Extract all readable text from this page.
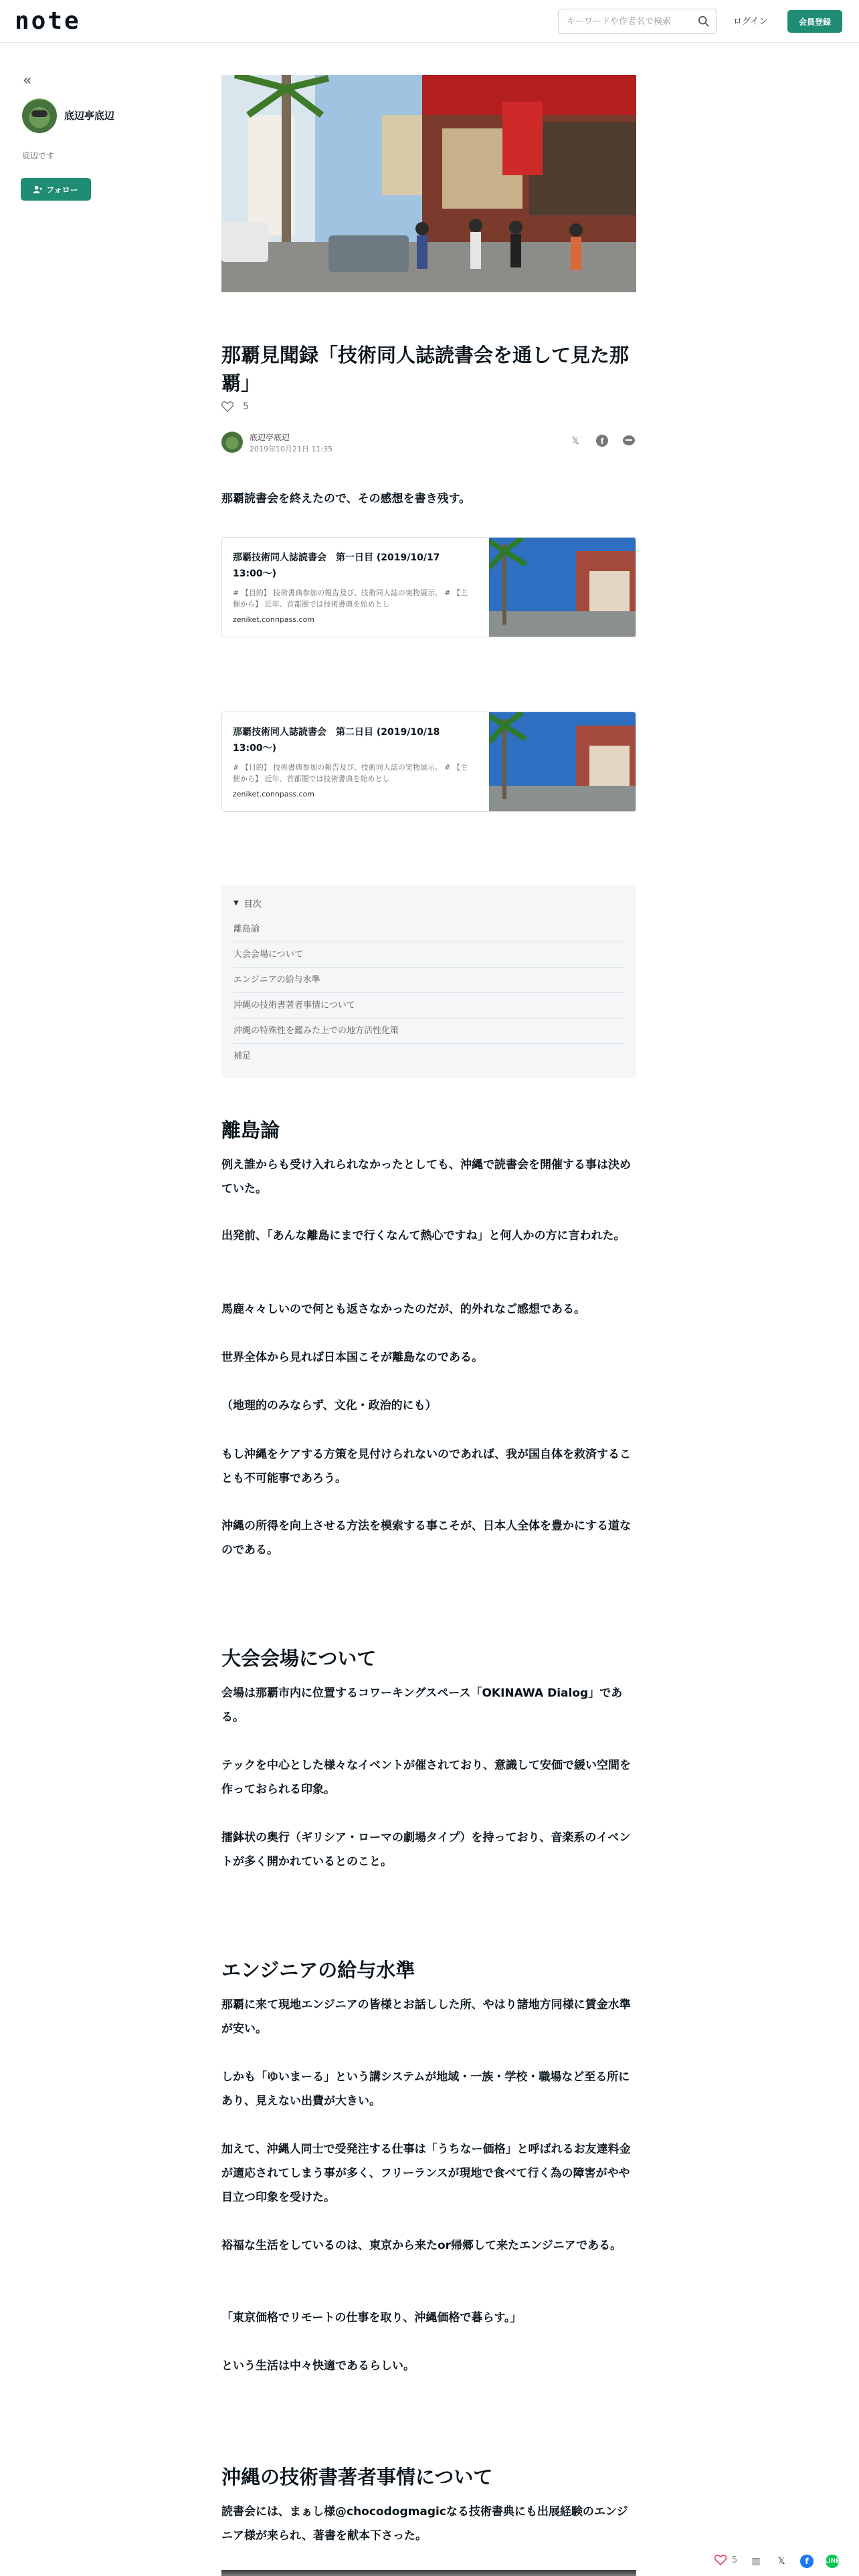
note
キーワードや作者名で検索	ログイン	会員登録
«
底辺亭底辺
底辺です
フォロー
那覇見聞録「技術同人誌読書会を通して見た那覇」
5
底辺亭底辺
2019年10月21日 11:35
𝕏 f

那覇読書会を終えたので、その感想を書き残す。

那覇技術同人誌読書会　第一日目 (2019/10/17 13:00〜)
# 【目的】 技術書典参加の報告及び、技術同人誌の実物展示。 # 【主催から】 近年、首都圏では技術書典を始めとし
zeniket.connpass.com
那覇技術同人誌読書会　第二日目 (2019/10/18 13:00〜)
# 【目的】 技術書典参加の報告及び、技術同人誌の実物展示。 # 【主催から】 近年、首都圏では技術書典を始めとし
zeniket.connpass.com
▼ 目次
離島論
大会会場について
エンジニアの給与水準
沖縄の技術書著者事情について
沖縄の特殊性を鑑みた上での地方活性化策
補足
離島論

例え誰からも受け入れられなかったとしても、沖縄で読書会を開催する事は決めていた。

出発前、「あんな離島にまで行くなんて熱心ですね」と何人かの方に言われた。

馬鹿々々しいので何とも返さなかったのだが、的外れなご感想である。

世界全体から見れば日本国こそが離島なのである。

（地理的のみならず、文化・政治的にも）

もし沖縄をケアする方策を見付けられないのであれば、我が国自体を救済することも不可能事であろう。

沖縄の所得を向上させる方法を模索する事こそが、日本人全体を豊かにする道なのである。

大会会場について

会場は那覇市内に位置するコワーキングスペース「OKINAWA Dialog」である。

テックを中心とした様々なイベントが催されており、意識して安価で緩い空間を作っておられる印象。

擂鉢状の奥行（ギリシア・ローマの劇場タイプ）を持っており、音楽系のイベントが多く開かれているとのこと。

エンジニアの給与水準

那覇に来て現地エンジニアの皆様とお話しした所、やはり諸地方同様に賃金水準が安い。

しかも「ゆいまーる」という講システムが地域・一族・学校・職場など至る所にあり、見えない出費が大きい。

加えて、沖縄人同士で受発注する仕事は「うちなー価格」と呼ばれるお友達料金が適応されてしまう事が多く、フリーランスが現地で食べて行く為の障害がやや目立つ印象を受けた。

裕福な生活をしているのは、東京から来たor帰郷して来たエンジニアである。

「東京価格でリモートの仕事を取り、沖縄価格で暮らす。」

という生活は中々快適であるらしい。

沖縄の技術書著者事情について

読書会には、まぁし様@chocodogmagicなる技術書典にも出展経験のエンジニア様が来られ、著書を献本下さった。

5 ▥	𝕏	f	LINE
